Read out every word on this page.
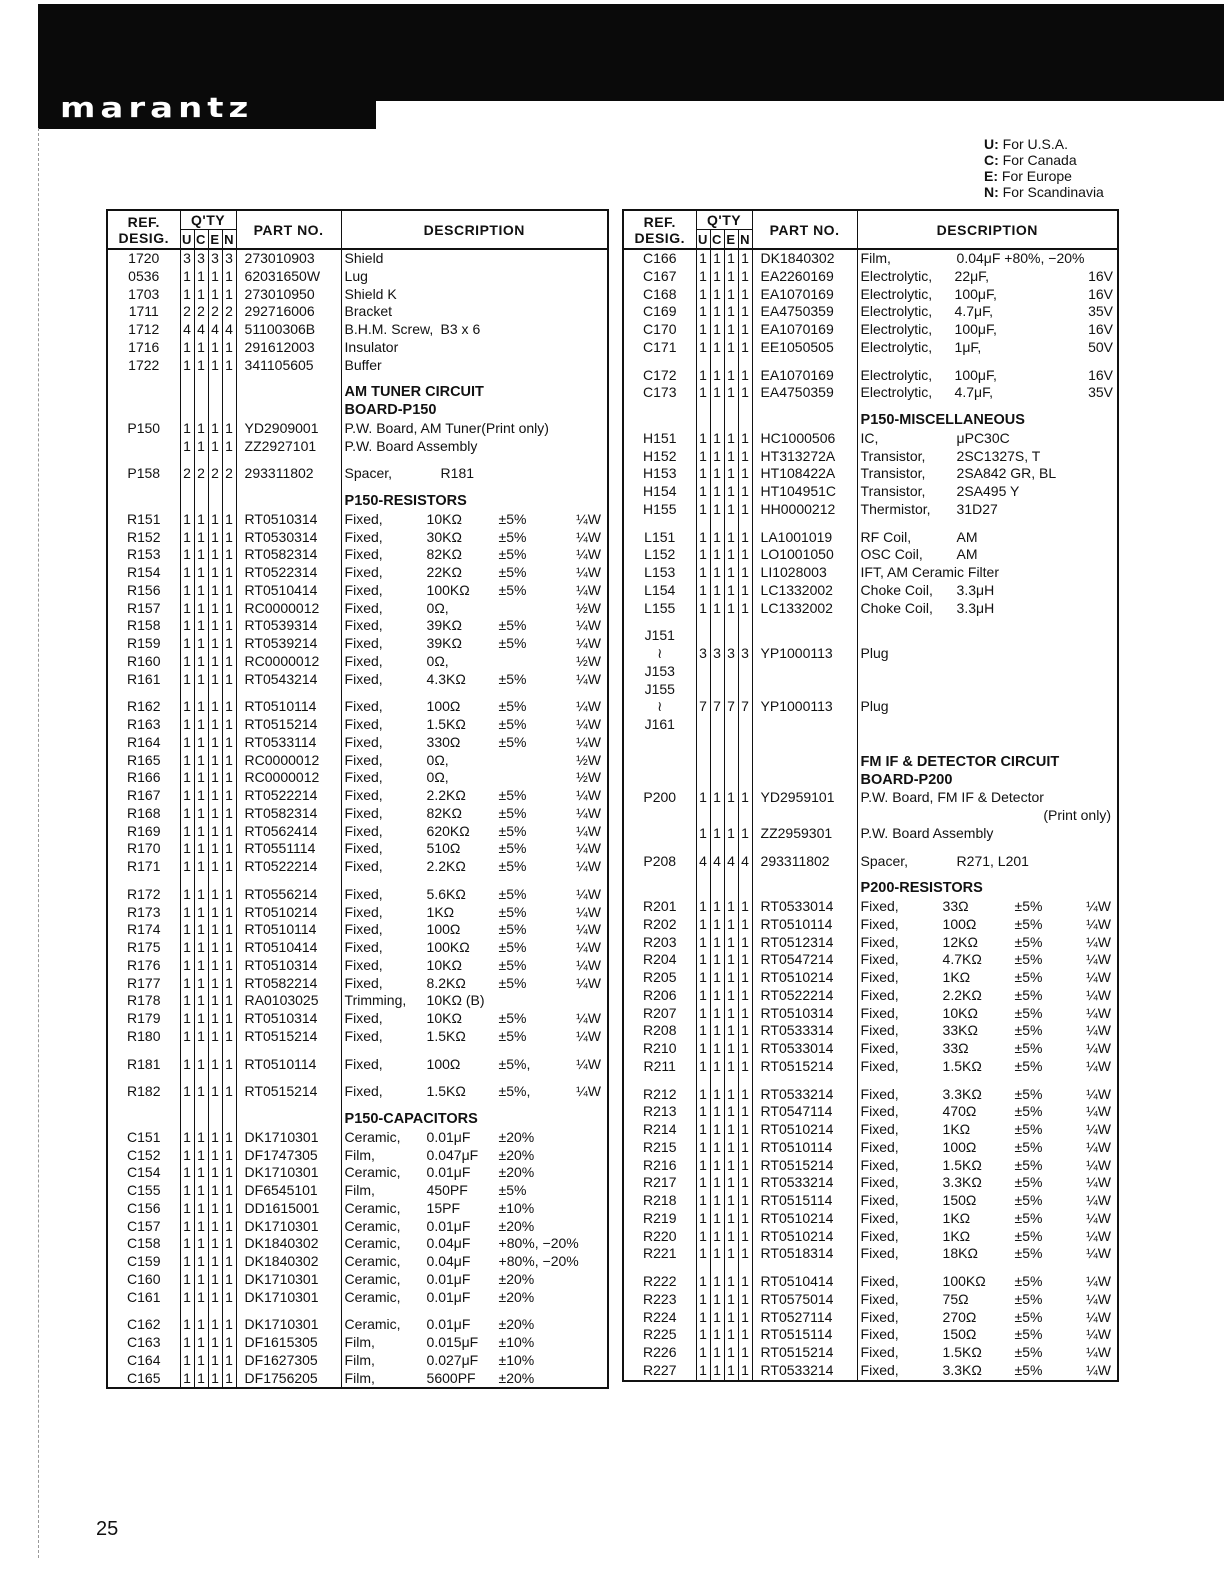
marantz
U: For U.S.A.
C: For Canada
E: For Europe
N: For Scandinavia
REF.
DESIG.	Q'TY				PART NO.	DESCRIPTION
	U	C	E	N		
1720	3	3	3	3	273010903	Shield

0536	1	1	1	1	62031650W	Lug

1703	1	1	1	1	273010950	Shield K

1711	2	2	2	2	292716006	Bracket

1712	4	4	4	4	51100306B	B.H.M. Screw, B3 x 6

1716	1	1	1	1	291612003	Insulator

1722	1	1	1	1	341105605	Buffer

						AM TUNER CIRCUIT
						BOARD-P150
P150	1	1	1	1	YD2909001	P.W. Board, AM Tuner(Print only)

	1	1	1	1	ZZ2927101	P.W. Board Assembly

P158	2	2	2	2	293311802	Spacer, R181

						P150-RESISTORS
R151	1	1	1	1	RT0510314	Fixed, 10KΩ ±5% ¼W

R152	1	1	1	1	RT0530314	Fixed, 30KΩ ±5% ¼W

R153	1	1	1	1	RT0582314	Fixed, 82KΩ ±5% ¼W

R154	1	1	1	1	RT0522314	Fixed, 22KΩ ±5% ¼W

R156	1	1	1	1	RT0510414	Fixed, 100KΩ ±5% ¼W

R157	1	1	1	1	RC0000012	Fixed, 0Ω, ½W

R158	1	1	1	1	RT0539314	Fixed, 39KΩ ±5% ¼W

R159	1	1	1	1	RT0539214	Fixed, 39KΩ ±5% ¼W

R160	1	1	1	1	RC0000012	Fixed, 0Ω, ½W

R161	1	1	1	1	RT0543214	Fixed, 4.3KΩ ±5% ¼W

R162	1	1	1	1	RT0510114	Fixed, 100Ω ±5% ¼W

R163	1	1	1	1	RT0515214	Fixed, 1.5KΩ ±5% ¼W

R164	1	1	1	1	RT0533114	Fixed, 330Ω ±5% ¼W

R165	1	1	1	1	RC0000012	Fixed, 0Ω, ½W

R166	1	1	1	1	RC0000012	Fixed, 0Ω, ½W

R167	1	1	1	1	RT0522214	Fixed, 2.2KΩ ±5% ¼W

R168	1	1	1	1	RT0582314	Fixed, 82KΩ ±5% ¼W

R169	1	1	1	1	RT0562414	Fixed, 620KΩ ±5% ¼W

R170	1	1	1	1	RT0551114	Fixed, 510Ω ±5% ¼W

R171	1	1	1	1	RT0522214	Fixed, 2.2KΩ ±5% ¼W

R172	1	1	1	1	RT0556214	Fixed, 5.6KΩ ±5% ¼W

R173	1	1	1	1	RT0510214	Fixed, 1KΩ ±5% ¼W

R174	1	1	1	1	RT0510114	Fixed, 100Ω ±5% ¼W

R175	1	1	1	1	RT0510414	Fixed, 100KΩ ±5% ¼W

R176	1	1	1	1	RT0510314	Fixed, 10KΩ ±5% ¼W

R177	1	1	1	1	RT0582214	Fixed, 8.2KΩ ±5% ¼W

R178	1	1	1	1	RA0103025	Trimming, 10KΩ (B)

R179	1	1	1	1	RT0510314	Fixed, 10KΩ ±5% ¼W

R180	1	1	1	1	RT0515214	Fixed, 1.5KΩ ±5% ¼W

R181	1	1	1	1	RT0510114	Fixed, 100Ω ±5%, ¼W

R182	1	1	1	1	RT0515214	Fixed, 1.5KΩ ±5%, ¼W

						P150-CAPACITORS
C151	1	1	1	1	DK1710301	Ceramic, 0.01μF ±20%

C152	1	1	1	1	DF1747305	Film, 0.047μF ±20%

C154	1	1	1	1	DK1710301	Ceramic, 0.01μF ±20%

C155	1	1	1	1	DF6545101	Film, 450PF ±5%

C156	1	1	1	1	DD1615001	Ceramic, 15PF ±10%

C157	1	1	1	1	DK1710301	Ceramic, 0.01μF ±20%

C158	1	1	1	1	DK1840302	Ceramic, 0.04μF +80%, −20%

C159	1	1	1	1	DK1840302	Ceramic, 0.04μF +80%, −20%

C160	1	1	1	1	DK1710301	Ceramic, 0.01μF ±20%

C161	1	1	1	1	DK1710301	Ceramic, 0.01μF ±20%

C162	1	1	1	1	DK1710301	Ceramic, 0.01μF ±20%

C163	1	1	1	1	DF1615305	Film, 0.015μF ±10%

C164	1	1	1	1	DF1627305	Film, 0.027μF ±10%

C165	1	1	1	1	DF1756205	Film, 5600PF ±20%
REF.
DESIG.	Q'TY				PART NO.	DESCRIPTION
	U	C	E	N		
C166	1	1	1	1	DK1840302	Film, 0.04μF +80%, −20%

C167	1	1	1	1	EA2260169	Electrolytic, 22μF, 16V

C168	1	1	1	1	EA1070169	Electrolytic, 100μF, 16V

C169	1	1	1	1	EA4750359	Electrolytic, 4.7μF, 35V

C170	1	1	1	1	EA1070169	Electrolytic, 100μF, 16V

C171	1	1	1	1	EE1050505	Electrolytic, 1μF, 50V

C172	1	1	1	1	EA1070169	Electrolytic, 100μF, 16V

C173	1	1	1	1	EA4750359	Electrolytic, 4.7μF, 35V

						P150-MISCELLANEOUS
H151	1	1	1	1	HC1000506	IC, μPC30C

H152	1	1	1	1	HT313272A	Transistor, 2SC1327S, T

H153	1	1	1	1	HT108422A	Transistor, 2SA842 GR, BL

H154	1	1	1	1	HT104951C	Transistor, 2SA495 Y

H155	1	1	1	1	HH0000212	Thermistor, 31D27

L151	1	1	1	1	LA1001019	RF Coil, AM

L152	1	1	1	1	LO1001050	OSC Coil, AM

L153	1	1	1	1	LI1028003	IFT, AM Ceramic Filter

L154	1	1	1	1	LC1332002	Choke Coil, 3.3μH

L155	1	1	1	1	LC1332002	Choke Coil, 3.3μH

J151						
≀	3	3	3	3	YP1000113	Plug

J153						
J155						
≀	7	7	7	7	YP1000113	Plug

J161						

						FM IF & DETECTOR CIRCUIT
						BOARD-P200
P200	1	1	1	1	YD2959101	P.W. Board, FM IF & Detector

						(Print only)
	1	1	1	1	ZZ2959301	P.W. Board Assembly

P208	4	4	4	4	293311802	Spacer, R271, L201

						P200-RESISTORS
R201	1	1	1	1	RT0533014	Fixed, 33Ω ±5% ¼W

R202	1	1	1	1	RT0510114	Fixed, 100Ω ±5% ¼W

R203	1	1	1	1	RT0512314	Fixed, 12KΩ ±5% ¼W

R204	1	1	1	1	RT0547214	Fixed, 4.7KΩ ±5% ¼W

R205	1	1	1	1	RT0510214	Fixed, 1KΩ ±5% ¼W

R206	1	1	1	1	RT0522214	Fixed, 2.2KΩ ±5% ¼W

R207	1	1	1	1	RT0510314	Fixed, 10KΩ ±5% ¼W

R208	1	1	1	1	RT0533314	Fixed, 33KΩ ±5% ¼W

R210	1	1	1	1	RT0533014	Fixed, 33Ω ±5% ¼W

R211	1	1	1	1	RT0515214	Fixed, 1.5KΩ ±5% ¼W

R212	1	1	1	1	RT0533214	Fixed, 3.3KΩ ±5% ¼W

R213	1	1	1	1	RT0547114	Fixed, 470Ω ±5% ¼W

R214	1	1	1	1	RT0510214	Fixed, 1KΩ ±5% ¼W

R215	1	1	1	1	RT0510114	Fixed, 100Ω ±5% ¼W

R216	1	1	1	1	RT0515214	Fixed, 1.5KΩ ±5% ¼W

R217	1	1	1	1	RT0533214	Fixed, 3.3KΩ ±5% ¼W

R218	1	1	1	1	RT0515114	Fixed, 150Ω ±5% ¼W

R219	1	1	1	1	RT0510214	Fixed, 1KΩ ±5% ¼W

R220	1	1	1	1	RT0510214	Fixed, 1KΩ ±5% ¼W

R221	1	1	1	1	RT0518314	Fixed, 18KΩ ±5% ¼W

R222	1	1	1	1	RT0510414	Fixed, 100KΩ ±5% ¼W

R223	1	1	1	1	RT0575014	Fixed, 75Ω ±5% ¼W

R224	1	1	1	1	RT0527114	Fixed, 270Ω ±5% ¼W

R225	1	1	1	1	RT0515114	Fixed, 150Ω ±5% ¼W

R226	1	1	1	1	RT0515214	Fixed, 1.5KΩ ±5% ¼W

R227	1	1	1	1	RT0533214	Fixed, 3.3KΩ ±5% ¼W
25
